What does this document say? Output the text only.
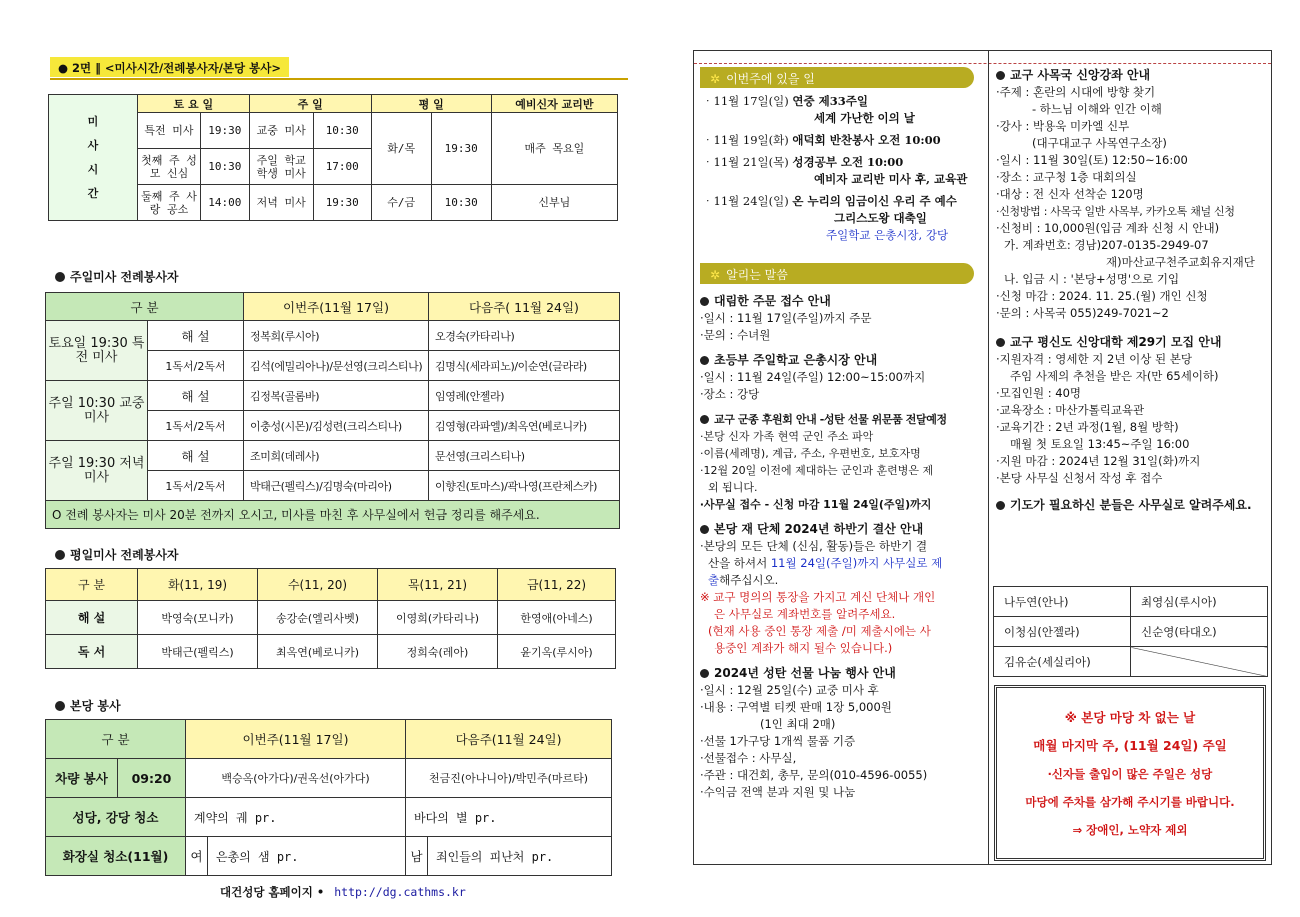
● 2면 ‖ <미사시간/전례봉사자/본당 봉사>
미
사
시
간	토 요 일		주 일		평 일		예비신자 교리반
	특전 미사	19:30	교중 미사	10:30	화/목	19:30	매주 목요일
	첫째 주 성모 신심	10:30	주일 학교 학생 미사	17:00			
	둘째 주 사랑 공소	14:00	저녁 미사	19:30	수/금	10:30	신부님
주일미사 전례봉사자
구 분		이번주(11월 17일)	다음주( 11월 24일)
토요일 19:30 특전 미사	해 설	정복희(루시아)	오경숙(카타리나)
	1독서/2독서	김석(에밀리아나)/문선영(크리스티나)	김명식(세라피노)/이순연(글라라)
주일 10:30 교중 미사	해 설	김정복(골롬바)	임영례(안젤라)
	1독서/2독서	이충성(시몬)/김성련(크리스티나)	김영형(라파엘)/최옥연(베로니카)
주일 19:30 저녁 미사	해 설	조미희(데레사)	문선영(크리스티나)
	1독서/2독서	박태근(펠릭스)/김명숙(마리아)	이향진(토마스)/곽나영(프란체스카)
O 전례 봉사자는 미사 20분 전까지 오시고, 미사를 마친 후 사무실에서 헌금 정리를 해주세요.			
평일미사 전례봉사자
구 분	화(11, 19)	수(11, 20)	목(11, 21)	금(11, 22)
해 설	박영숙(모니카)	송강순(엘리사벳)	이영희(카타리나)	한영애(아네스)
독 서	박태근(펠릭스)	최옥연(베로니카)	정희숙(레아)	윤기옥(루시아)
본당 봉사
구 분		이번주(11월 17일)		다음주(11월 24일)	
차량 봉사	09:20	백승옥(아가다)/권옥선(아가다)		천금진(아나니아)/박민주(마르타)	
성당, 강당 청소		계약의 궤 pr.		바다의 별 pr.	
화장실 청소(11월)		여	은총의 샘 pr.	남	죄인들의 피난처 pr.
대건성당 홈페이지 • http://dg.cathms.kr
✲ 이번주에 있을 일
‧11월 17일(일) 연중 제33주일
세계 가난한 이의 날
‧11월 19일(화) 애덕회 반찬봉사 오전 10:00
‧11월 21일(목) 성경공부 오전 10:00
예비자 교리반 미사 후, 교육관
‧11월 24일(일) 온 누리의 임금이신 우리 주 예수
그리스도왕 대축일
주일학교 은총시장, 강당
✲ 알리는 말씀
대림한 주문 접수 안내
‧일시 : 11월 17일(주일)까지 주문
‧문의 : 수녀원
초등부 주일학교 은총시장 안내
‧일시 : 11월 24일(주일) 12:00~15:00까지
‧장소 : 강당
교구 군종 후원회 안내 -성탄 선물 위문품 전달예정
‧본당 신자 가족 현역 군인 주소 파악
‧이름(세례명), 계급, 주소, 우편번호, 보호자명
‧12월 20일 이전에 제대하는 군인과 훈련병은 제
외 됩니다.
‧사무실 접수 - 신청 마감 11월 24일(주일)까지
본당 재 단체 2024년 하반기 결산 안내
‧본당의 모든 단체 (신심, 활동)들은 하반기 결
산을 하셔서 11월 24일(주일)까지 사무실로 제
출해주십시오.
※ 교구 명의의 통장을 가지고 계신 단체나 개인
은 사무실로 계좌번호를 알려주세요.
(현재 사용 중인 통장 제출 /미 제출시에는 사
용중인 계좌가 해지 될수 있습니다.)
2024년 성탄 선물 나눔 행사 안내
‧일시 : 12월 25일(수) 교중 미사 후
‧내용 : 구역별 티켓 판매 1장 5,000원
(1인 최대 2매)
‧선물 1가구당 1개씩 물품 기증
‧선물접수 : 사무실,
‧주관 : 대건회, 총무, 문의(010-4596-0055)
‧수익금 전액 분과 지원 및 나눔
교구 사목국 신앙강좌 안내
‧주제 : 혼란의 시대에 방향 찾기
- 하느님 이해와 인간 이해
‧강사 : 박용욱 미카엘 신부
(대구대교구 사목연구소장)
‧일시 : 11월 30일(토) 12:50~16:00
‧장소 : 교구청 1층 대회의실
‧대상 : 전 신자 선착순 120명
‧신청방법 : 사목국 일반 사목부, 카카오톡 채널 신청
‧신청비 : 10,000원(입금 계좌 신청 시 안내)
가. 계좌번호: 경남)207-0135-2949-07
재)마산교구천주교회유지재단
나. 입금 시 : '본당+성명'으로 기입
‧신청 마감 : 2024. 11. 25.(월) 개인 신청
‧문의 : 사목국 055)249-7021~2
교구 평신도 신앙대학 제29기 모집 안내
‧지원자격 : 영세한 지 2년 이상 된 본당
주임 사제의 추천을 받은 자(만 65세이하)
‧모집인원 : 40명
‧교육장소 : 마산가톨릭교육관
‧교육기간 : 2년 과정(1월, 8월 방학)
매월 첫 토요일 13:45~주일 16:00
‧지원 마감 : 2024년 12월 31일(화)까지
‧본당 사무실 신청서 작성 후 접수
기도가 필요하신 분들은 사무실로 알려주세요.
나두연(안나)	최영심(루시아)
이청심(안젤라)	신순영(타대오)
김유순(세실리아)	
※ 본당 마당 차 없는 날
매월 마지막 주, (11월 24일) 주일
‧신자들 출입이 많은 주일은 성당
마당에 주차를 삼가해 주시기를 바랍니다.
⇒ 장애인, 노약자 제외
